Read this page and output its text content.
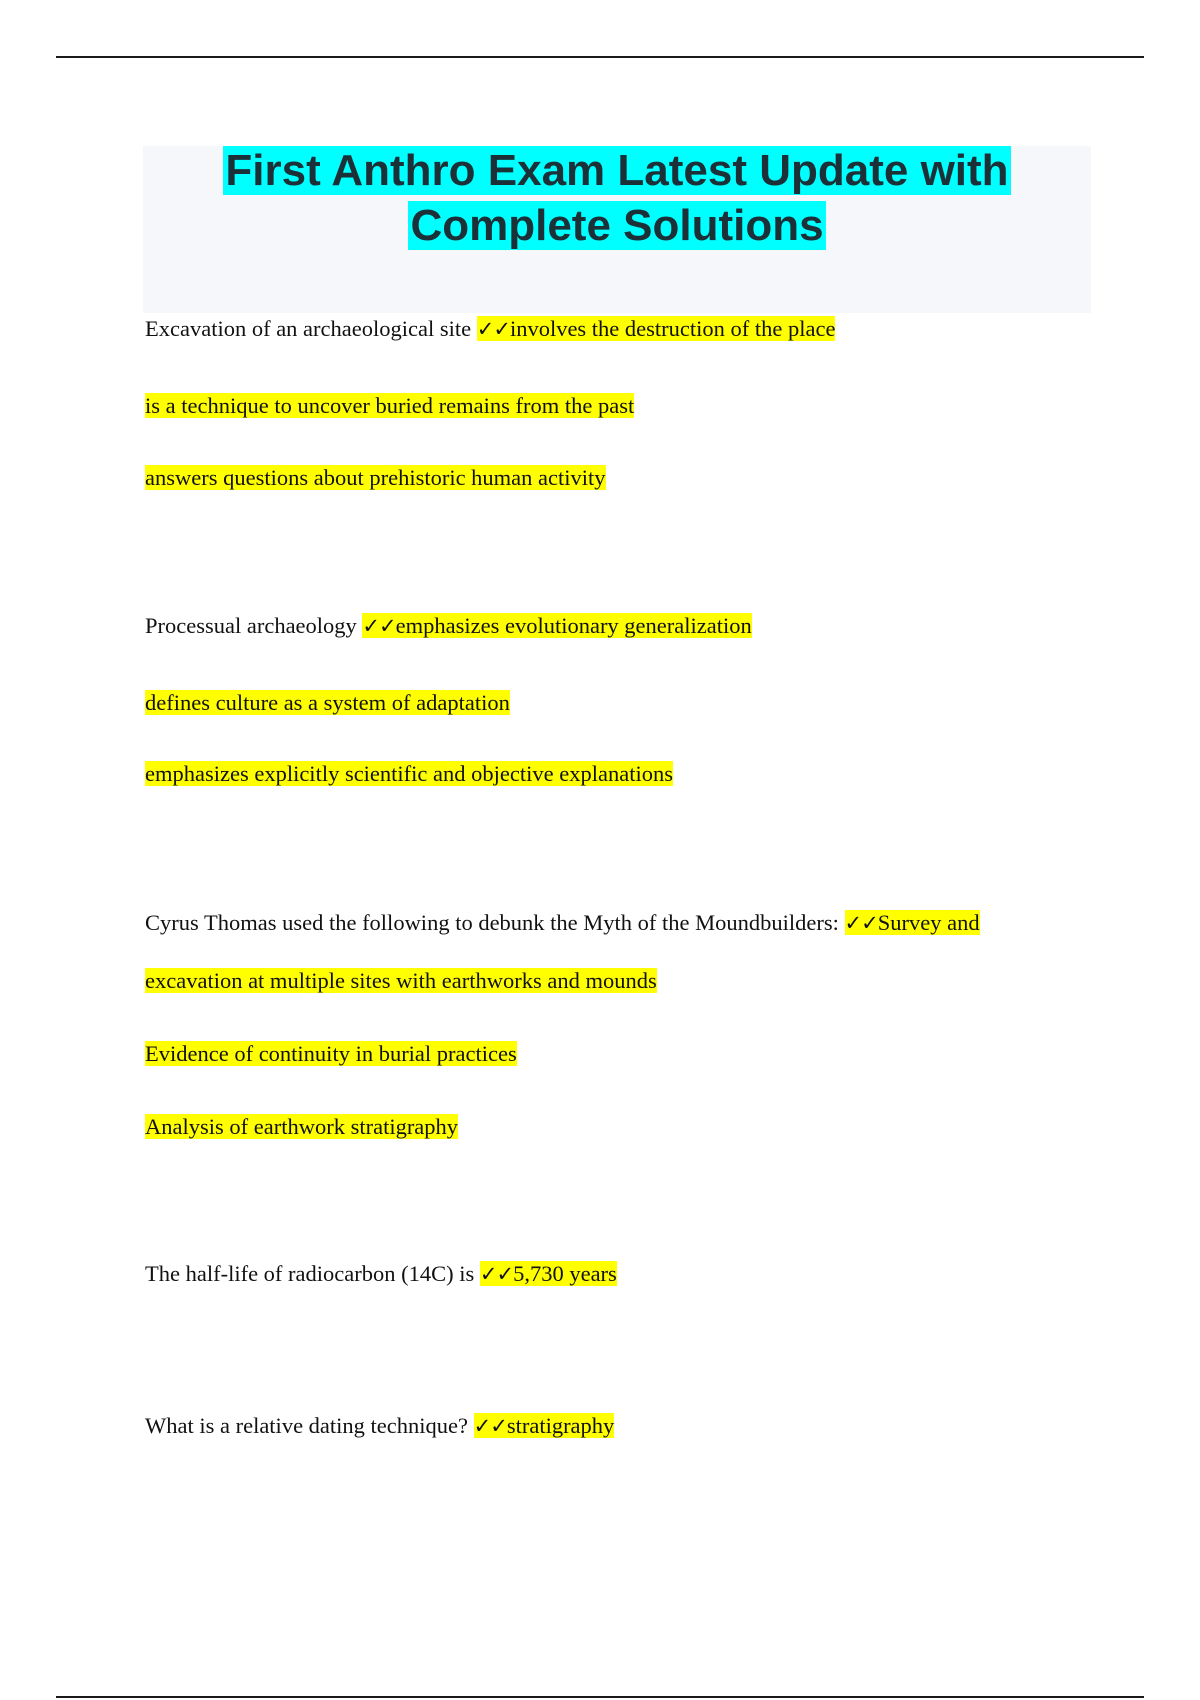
First Anthro Exam Latest Update with
Complete Solutions
Excavation of an archaeological site ✓✓involves the destruction of the place
is a technique to uncover buried remains from the past
answers questions about prehistoric human activity
Processual archaeology ✓✓emphasizes evolutionary generalization
defines culture as a system of adaptation
emphasizes explicitly scientific and objective explanations
Cyrus Thomas used the following to debunk the Myth of the Moundbuilders: ✓✓Survey and
excavation at multiple sites with earthworks and mounds
Evidence of continuity in burial practices
Analysis of earthwork stratigraphy
The half-life of radiocarbon (14C) is ✓✓5,730 years
What is a relative dating technique? ✓✓stratigraphy
